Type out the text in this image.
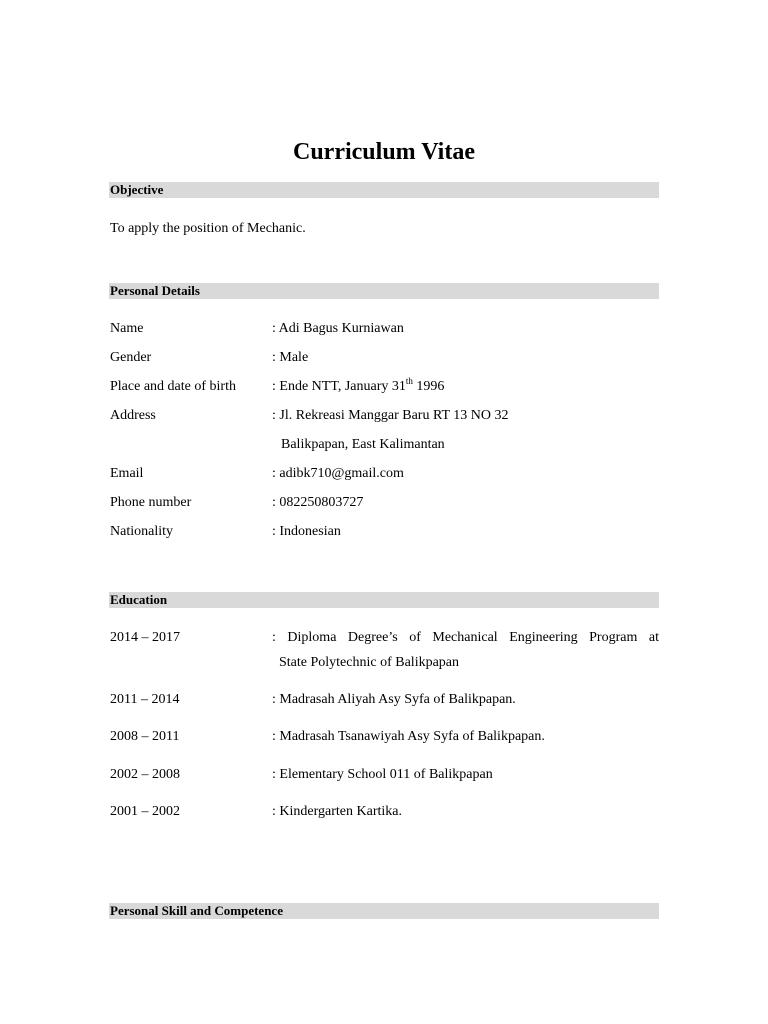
Curriculum Vitae
Objective
To apply the position of Mechanic.
Personal Details
Name	: Adi Bagus Kurniawan
Gender	: Male
Place and date of birth	: Ende NTT, January 31th 1996
Address	: Jl. Rekreasi Manggar Baru RT 13 NO 32
Balikpapan, East Kalimantan
Email	: adibk710@gmail.com
Phone number	: 082250803727
Nationality	: Indonesian
Education
2014 – 2017	: Diploma Degree’s of Mechanical Engineering Program at
State Polytechnic of Balikpapan
2011 – 2014	: Madrasah Aliyah Asy Syfa of Balikpapan.
2008 – 2011	: Madrasah Tsanawiyah Asy Syfa of Balikpapan.
2002 – 2008	: Elementary School 011 of Balikpapan
2001 – 2002	: Kindergarten Kartika.
Personal Skill and Competence
